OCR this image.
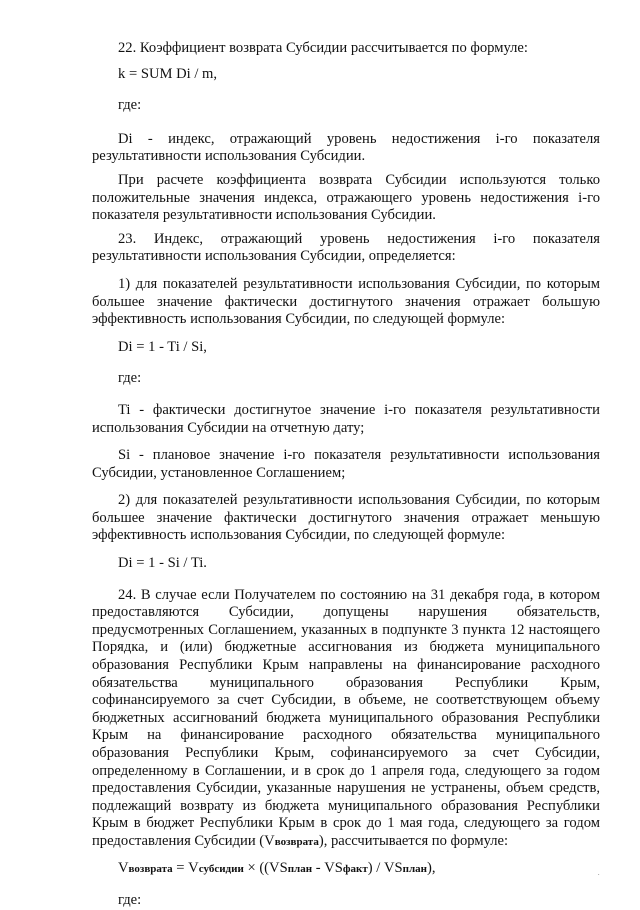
22. Коэффициент возврата Субсидии рассчитывается по формуле:

k = SUM Di / m,

где:

Di - индекс, отражающий уровень недостижения i-го показателя результативности использования Субсидии.

При расчете коэффициента возврата Субсидии используются только положительные значения индекса, отражающего уровень недостижения i-го показателя результативности использования Субсидии.

23. Индекс, отражающий уровень недостижения i-го показателя результативности использования Субсидии, определяется:

1) для показателей результативности использования Субсидии, по которым большее значение фактически достигнутого значения отражает большую эффективность использования Субсидии, по следующей формуле:

Di = 1 - Ti / Si,

где:

Ti - фактически достигнутое значение i-го показателя результативности использования Субсидии на отчетную дату;

Si - плановое значение i-го показателя результативности использования Субсидии, установленное Соглашением;

2) для показателей результативности использования Субсидии, по которым большее значение фактически достигнутого значения отражает меньшую эффективность использования Субсидии, по следующей формуле:

Di = 1 - Si / Ti.

24. В случае если Получателем по состоянию на 31 декабря года, в котором предоставляются Субсидии, допущены нарушения обязательств, предусмотренных Соглашением, указанных в подпункте 3 пункта 12 настоящего Порядка, и (или) бюджетные ассигнования из бюджета муниципального образования Республики Крым направлены на финансирование расходного обязательства муниципального образования Республики Крым, софинансируемого за счет Субсидии, в объеме, не соответствующем объему бюджетных ассигнований бюджета муниципального образования Республики Крым на финансирование расходного обязательства муниципального образования Республики Крым, софинансируемого за счет Субсидии, определенному в Соглашении, и в срок до 1 апреля года, следующего за годом предоставления Субсидии, указанные нарушения не устранены, объем средств, подлежащий возврату из бюджета муниципального образования Республики Крым в бюджет Республики Крым в срок до 1 мая года, следующего за годом предоставления Субсидии (Vвозврата), рассчитывается по формуле:

Vвозврата = Vсубсидии × ((VSплан - VSфакт) / VSплан),

где:

·
